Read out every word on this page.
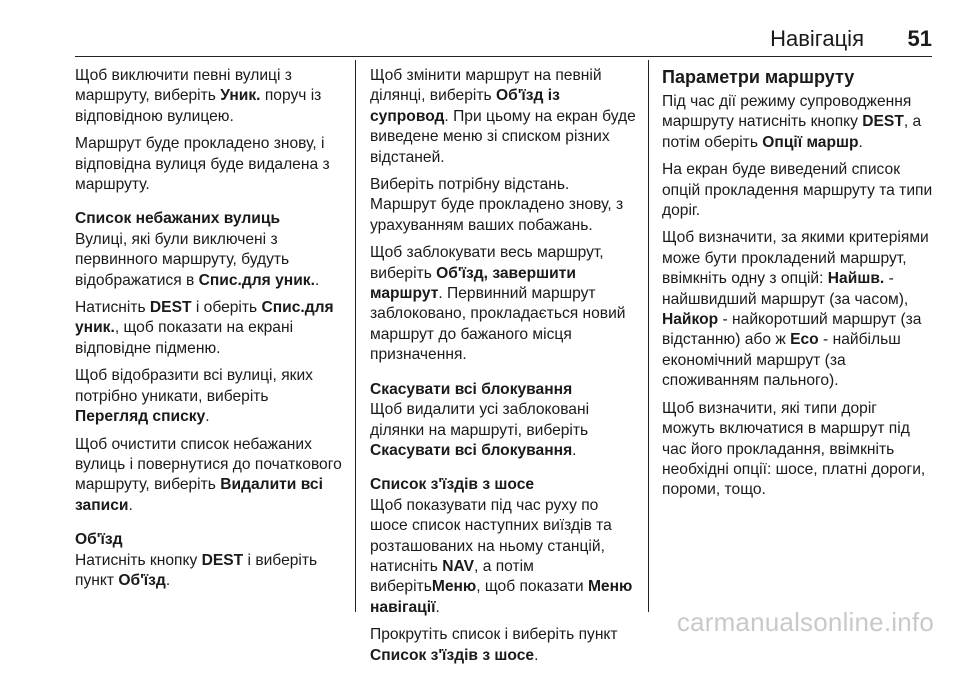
Навігація 51

Щоб виключити певні вулиці з маршруту, виберіть Уник. поруч із відповідною вулицею.

Маршрут буде прокладено знову, і відповідна вулиця буде видалена з маршруту.

Список небажаних вулиць

Вулиці, які були виключені з первинного маршруту, будуть відображатися в Спис.для уник..

Натисніть DEST і оберіть Спис.для уник., щоб показати на екрані відповідне підменю.

Щоб відобразити всі вулиці, яких потрібно уникати, виберіть Перегляд списку.

Щоб очистити список небажаних вулиць і повернутися до початкового маршруту, виберіть Видалити всі записи.

Об'їзд

Натисніть кнопку DEST і виберіть пункт Об'їзд.

Щоб змінити маршрут на певній ділянці, виберіть Об'їзд із супровод. При цьому на екран буде виведене меню зі списком різних відстаней.

Виберіть потрібну відстань. Маршрут буде прокладено знову, з урахуванням ваших побажань.

Щоб заблокувати весь маршрут, виберіть Об'їзд, завершити маршрут. Первинний маршрут заблоковано, прокладається новий маршрут до бажаного місця призначення.

Скасувати всі блокування

Щоб видалити усі заблоковані ділянки на маршруті, виберіть Скасувати всі блокування.

Список з'їздів з шосе

Щоб показувати під час руху по шосе список наступних виїздів та розташованих на ньому станцій, натисніть NAV, а потім виберітьМеню, щоб показати Меню навігації.

Прокрутіть список і виберіть пункт Список з'їздів з шосе.

Параметри маршруту

Під час дії режиму супроводження маршруту натисніть кнопку DEST, а потім оберіть Опції маршр.

На екран буде виведений список опцій прокладення маршруту та типи доріг.

Щоб визначити, за якими критеріями може бути прокладений маршрут, ввімкніть одну з опцій: Найшв. - найшвидший маршрут (за часом), Найкор - найкоротший маршрут (за відстанню) або ж Eco - найбільш економічний маршрут (за споживанням пального).

Щоб визначити, які типи доріг можуть включатися в маршрут під час його прокладання, ввімкніть необхідні опції: шосе, платні дороги, пороми, тощо.

carmanualsonline.info
